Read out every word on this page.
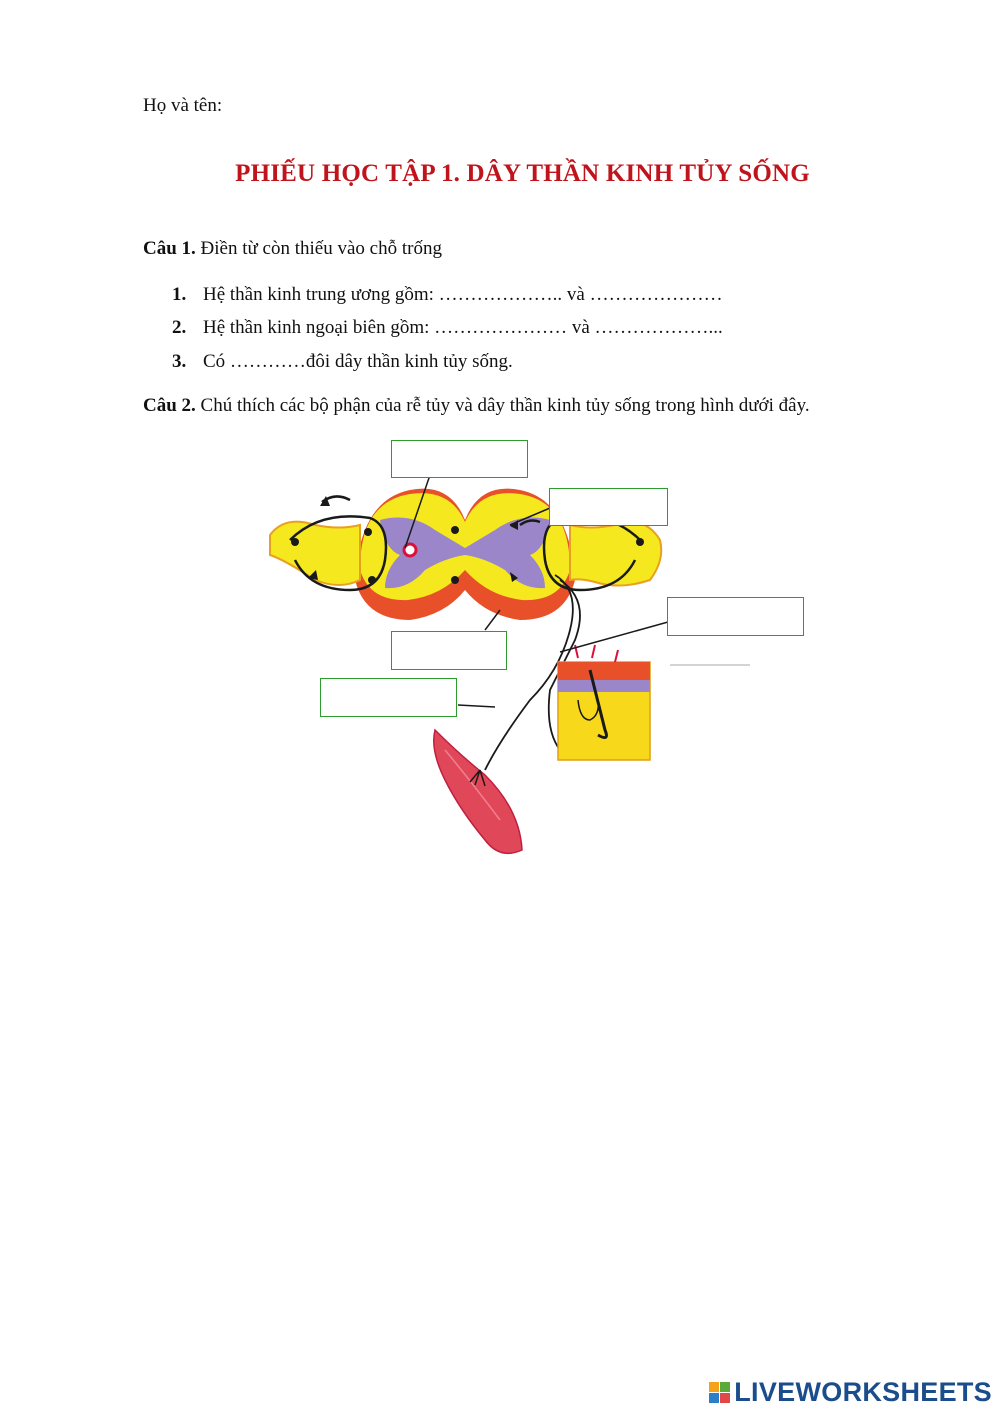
Họ và tên:
PHIẾU HỌC TẬP 1. DÂY THẦN KINH TỦY SỐNG
Câu 1. Điền từ còn thiếu vào chỗ trống
1. Hệ thần kinh trung ương gồm: ……………….. và …………………
2. Hệ thần kinh ngoại biên gồm: ………………… và ………………...
3. Có …………đôi dây thần kinh tủy sống.
Câu 2. Chú thích các bộ phận của rễ tủy và dây thần kinh tủy sống trong hình dưới đây.
LIVEWORKSHEETS
